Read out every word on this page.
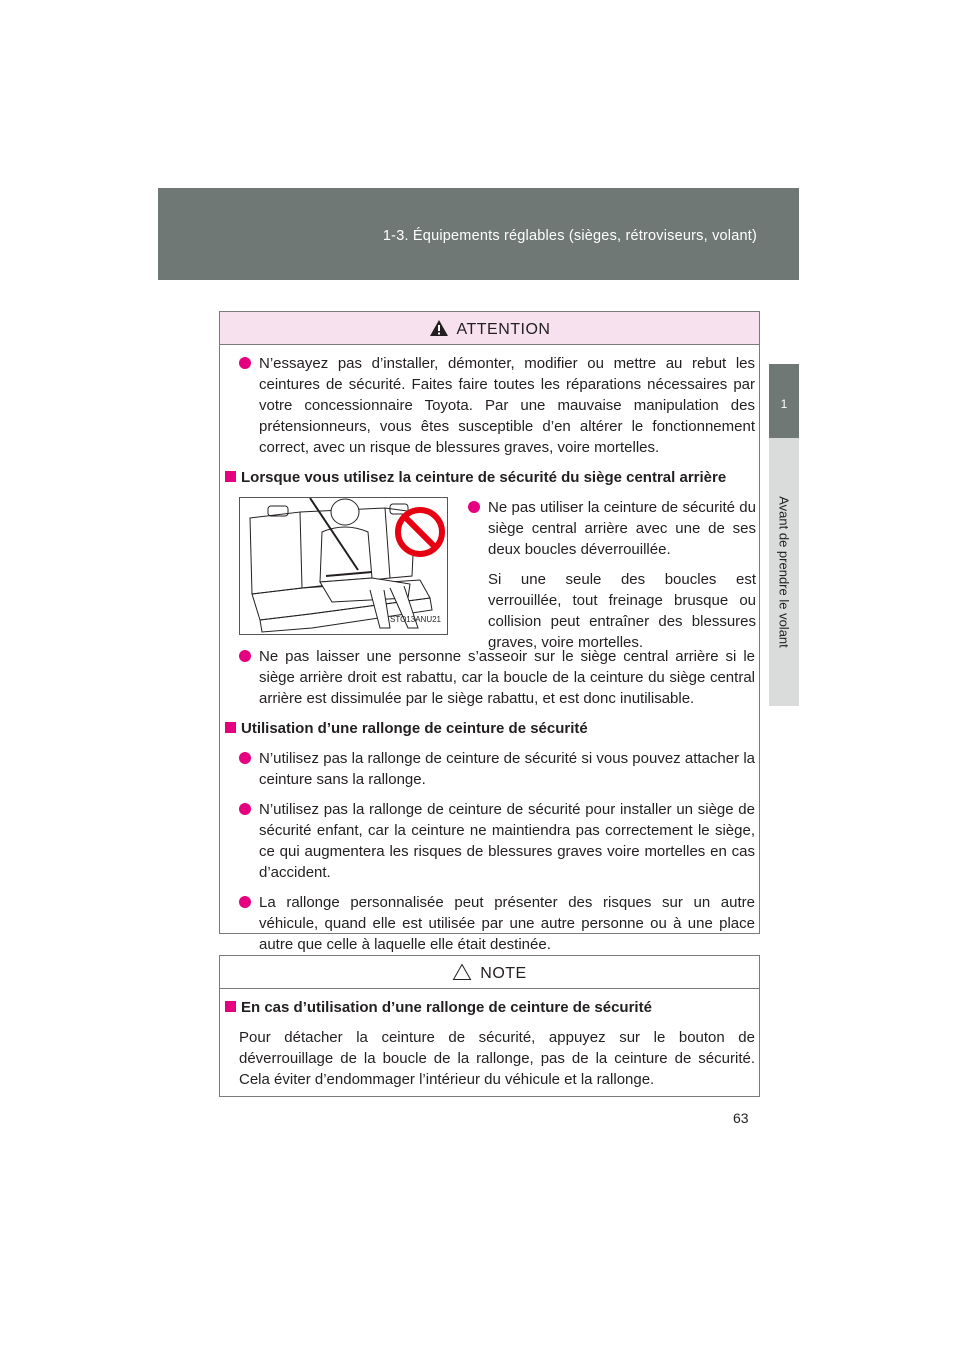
1-3. Équipements réglables (sièges, rétroviseurs, volant)
1
Avant de prendre le volant
ATTENTION
N’essayez pas d’installer, démonter, modifier ou mettre au rebut les ceintures de sécurité. Faites faire toutes les réparations nécessaires par votre concessionnaire Toyota. Par une mauvaise manipulation des prétensionneurs, vous êtes susceptible d’en altérer le fonctionnement correct, avec un risque de blessures graves, voire mortelles.
Lorsque vous utilisez la ceinture de sécurité du siège central arrière
STO13ANU21
Ne pas utiliser la ceinture de sécurité du siège central arrière avec une de ses deux boucles déverrouillée.
Si une seule des boucles est verrouillée, tout freinage brusque ou collision peut entraîner des blessures graves, voire mortelles.
Ne pas laisser une personne s’asseoir sur le siège central arrière si le siège arrière droit est rabattu, car la boucle de la ceinture du siège central arrière est dissimulée par le siège rabattu, et est donc inutilisable.
Utilisation d’une rallonge de ceinture de sécurité
N’utilisez pas la rallonge de ceinture de sécurité si vous pouvez attacher la ceinture sans la rallonge.
N’utilisez pas la rallonge de ceinture de sécurité pour installer un siège de sécurité enfant, car la ceinture ne maintiendra pas correctement le siège, ce qui augmentera les risques de blessures graves voire mortelles en cas d’accident.
La rallonge personnalisée peut présenter des risques sur un autre véhicule, quand elle est utilisée par une autre personne ou à une place autre que celle à laquelle elle était destinée.
NOTE
En cas d’utilisation d’une rallonge de ceinture de sécurité
Pour détacher la ceinture de sécurité, appuyez sur le bouton de déverrouillage de la boucle de la rallonge, pas de la ceinture de sécurité. Cela éviter d’endommager l’intérieur du véhicule et la rallonge.
63
